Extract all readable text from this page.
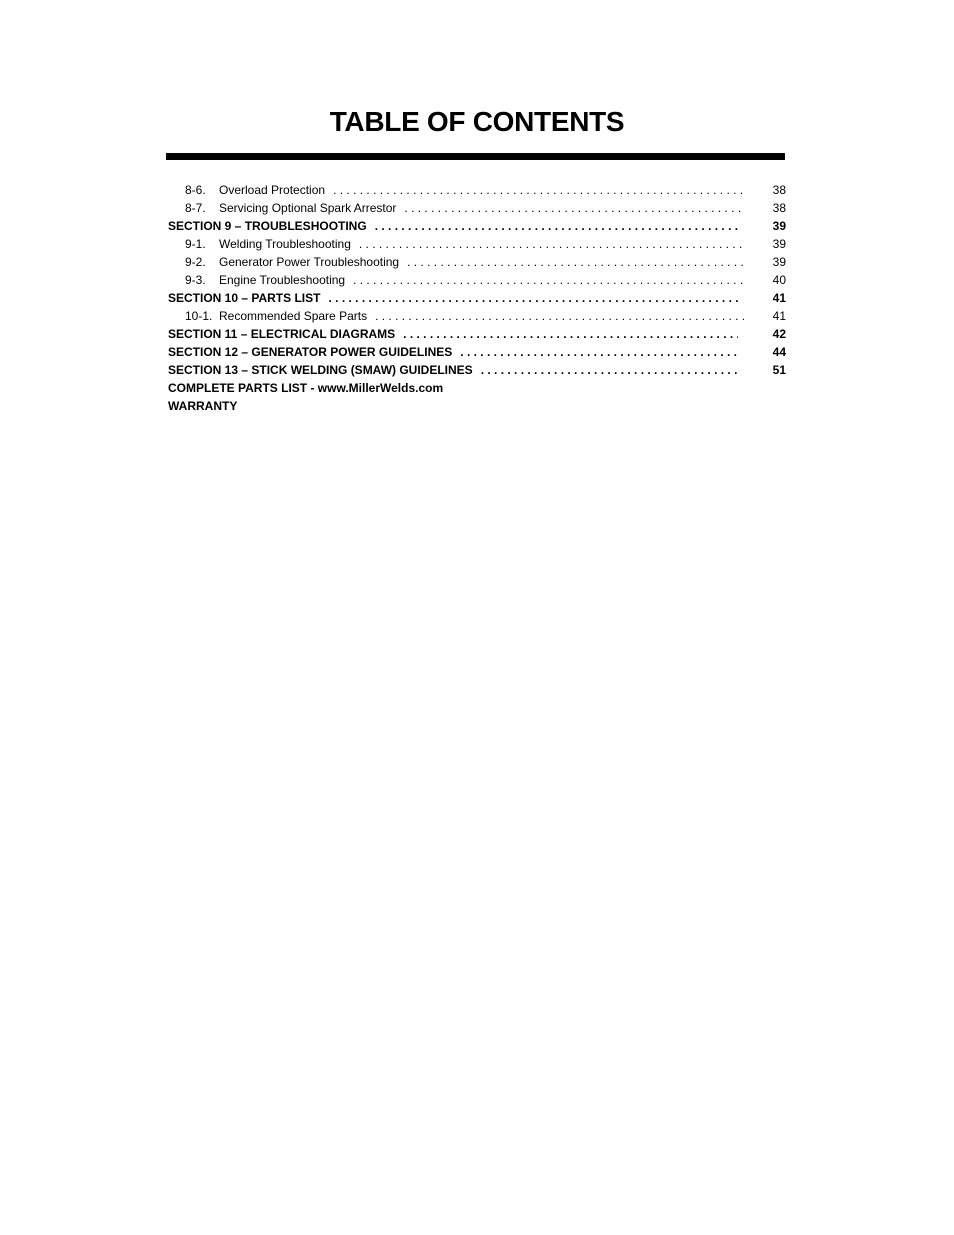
TABLE OF CONTENTS
8-6.	Overload Protection . . .	38
8-7.	Servicing Optional Spark Arrestor . . .	38
SECTION 9 – TROUBLESHOOTING . . .	39
9-1.	Welding Troubleshooting . . .	39
9-2.	Generator Power Troubleshooting . . .	39
9-3.	Engine Troubleshooting . . .	40
SECTION 10 – PARTS LIST . . .	41
10-1. Recommended Spare Parts . . .	41
SECTION 11 – ELECTRICAL DIAGRAMS . . .	42
SECTION 12 – GENERATOR POWER GUIDELINES . . .	44
SECTION 13 – STICK WELDING (SMAW) GUIDELINES . . .	51
COMPLETE PARTS LIST - www.MillerWelds.com
WARRANTY
